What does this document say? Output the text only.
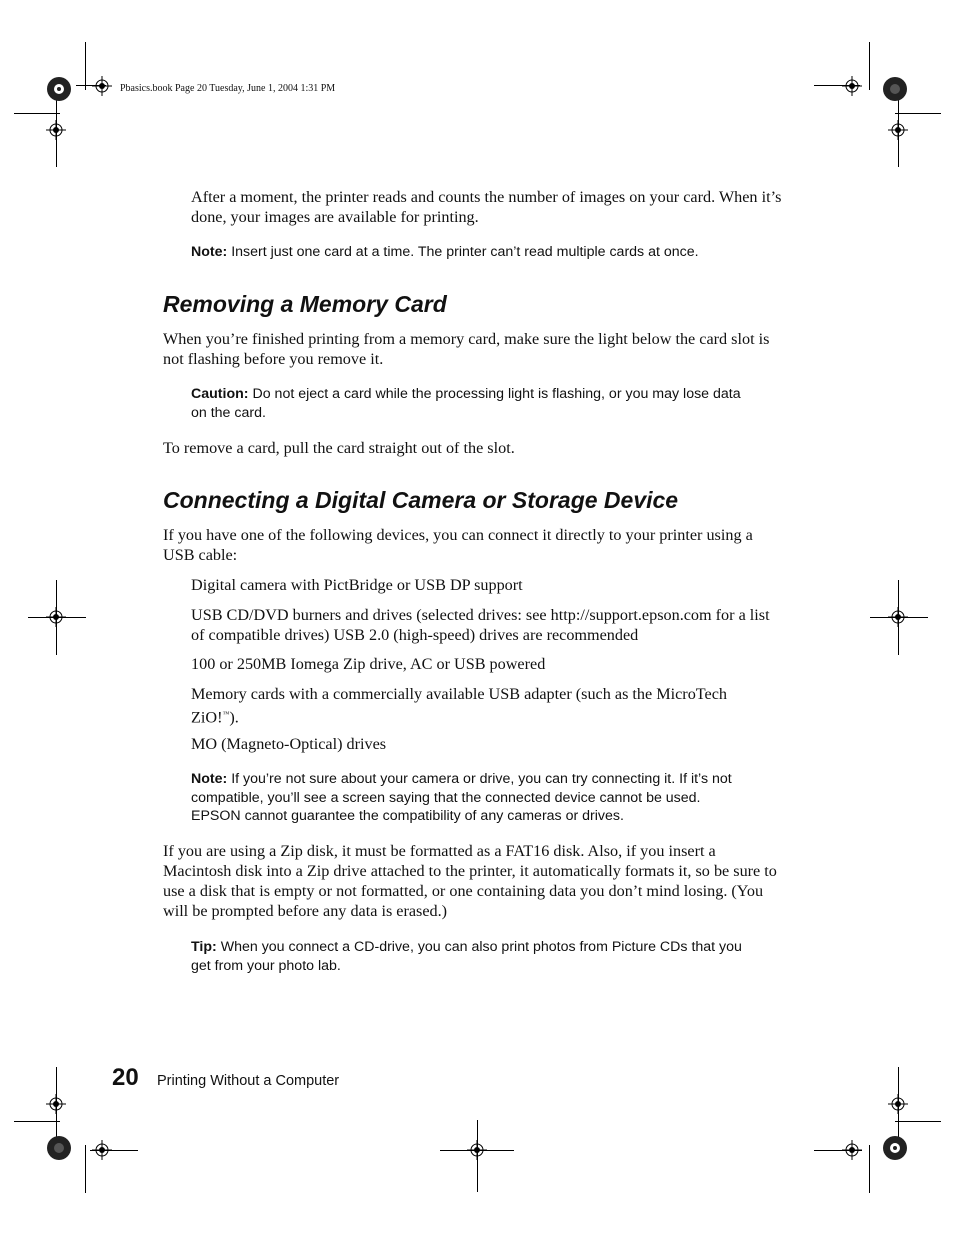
Pbasics.book Page 20 Tuesday, June 1, 2004 1:31 PM

After a moment, the printer reads and counts the number of images on your card. When it’s done, your images are available for printing.

Note: Insert just one card at a time. The printer can’t read multiple cards at once.

Removing a Memory Card

When you’re finished printing from a memory card, make sure the light below the card slot is not flashing before you remove it.

Caution: Do not eject a card while the processing light is flashing, or you may lose data on the card.

To remove a card, pull the card straight out of the slot.

Connecting a Digital Camera or Storage Device

If you have one of the following devices, you can connect it directly to your printer using a USB cable:

Digital camera with PictBridge or USB DP support

USB CD/DVD burners and drives (selected drives: see http://support.epson.com for a list of compatible drives) USB 2.0 (high-speed) drives are recommended

100 or 250MB Iomega Zip drive, AC or USB powered

Memory cards with a commercially available USB adapter (such as the MicroTech ZiO!™).

MO (Magneto-Optical) drives

Note: If you’re not sure about your camera or drive, you can try connecting it. If it’s not compatible, you’ll see a screen saying that the connected device cannot be used. EPSON cannot guarantee the compatibility of any cameras or drives.

If you are using a Zip disk, it must be formatted as a FAT16 disk. Also, if you insert a Macintosh disk into a Zip drive attached to the printer, it automatically formats it, so be sure to use a disk that is empty or not formatted, or one containing data you don’t mind losing. (You will be prompted before any data is erased.)

Tip: When you connect a CD-drive, you can also print photos from Picture CDs that you get from your photo lab.

20 Printing Without a Computer
